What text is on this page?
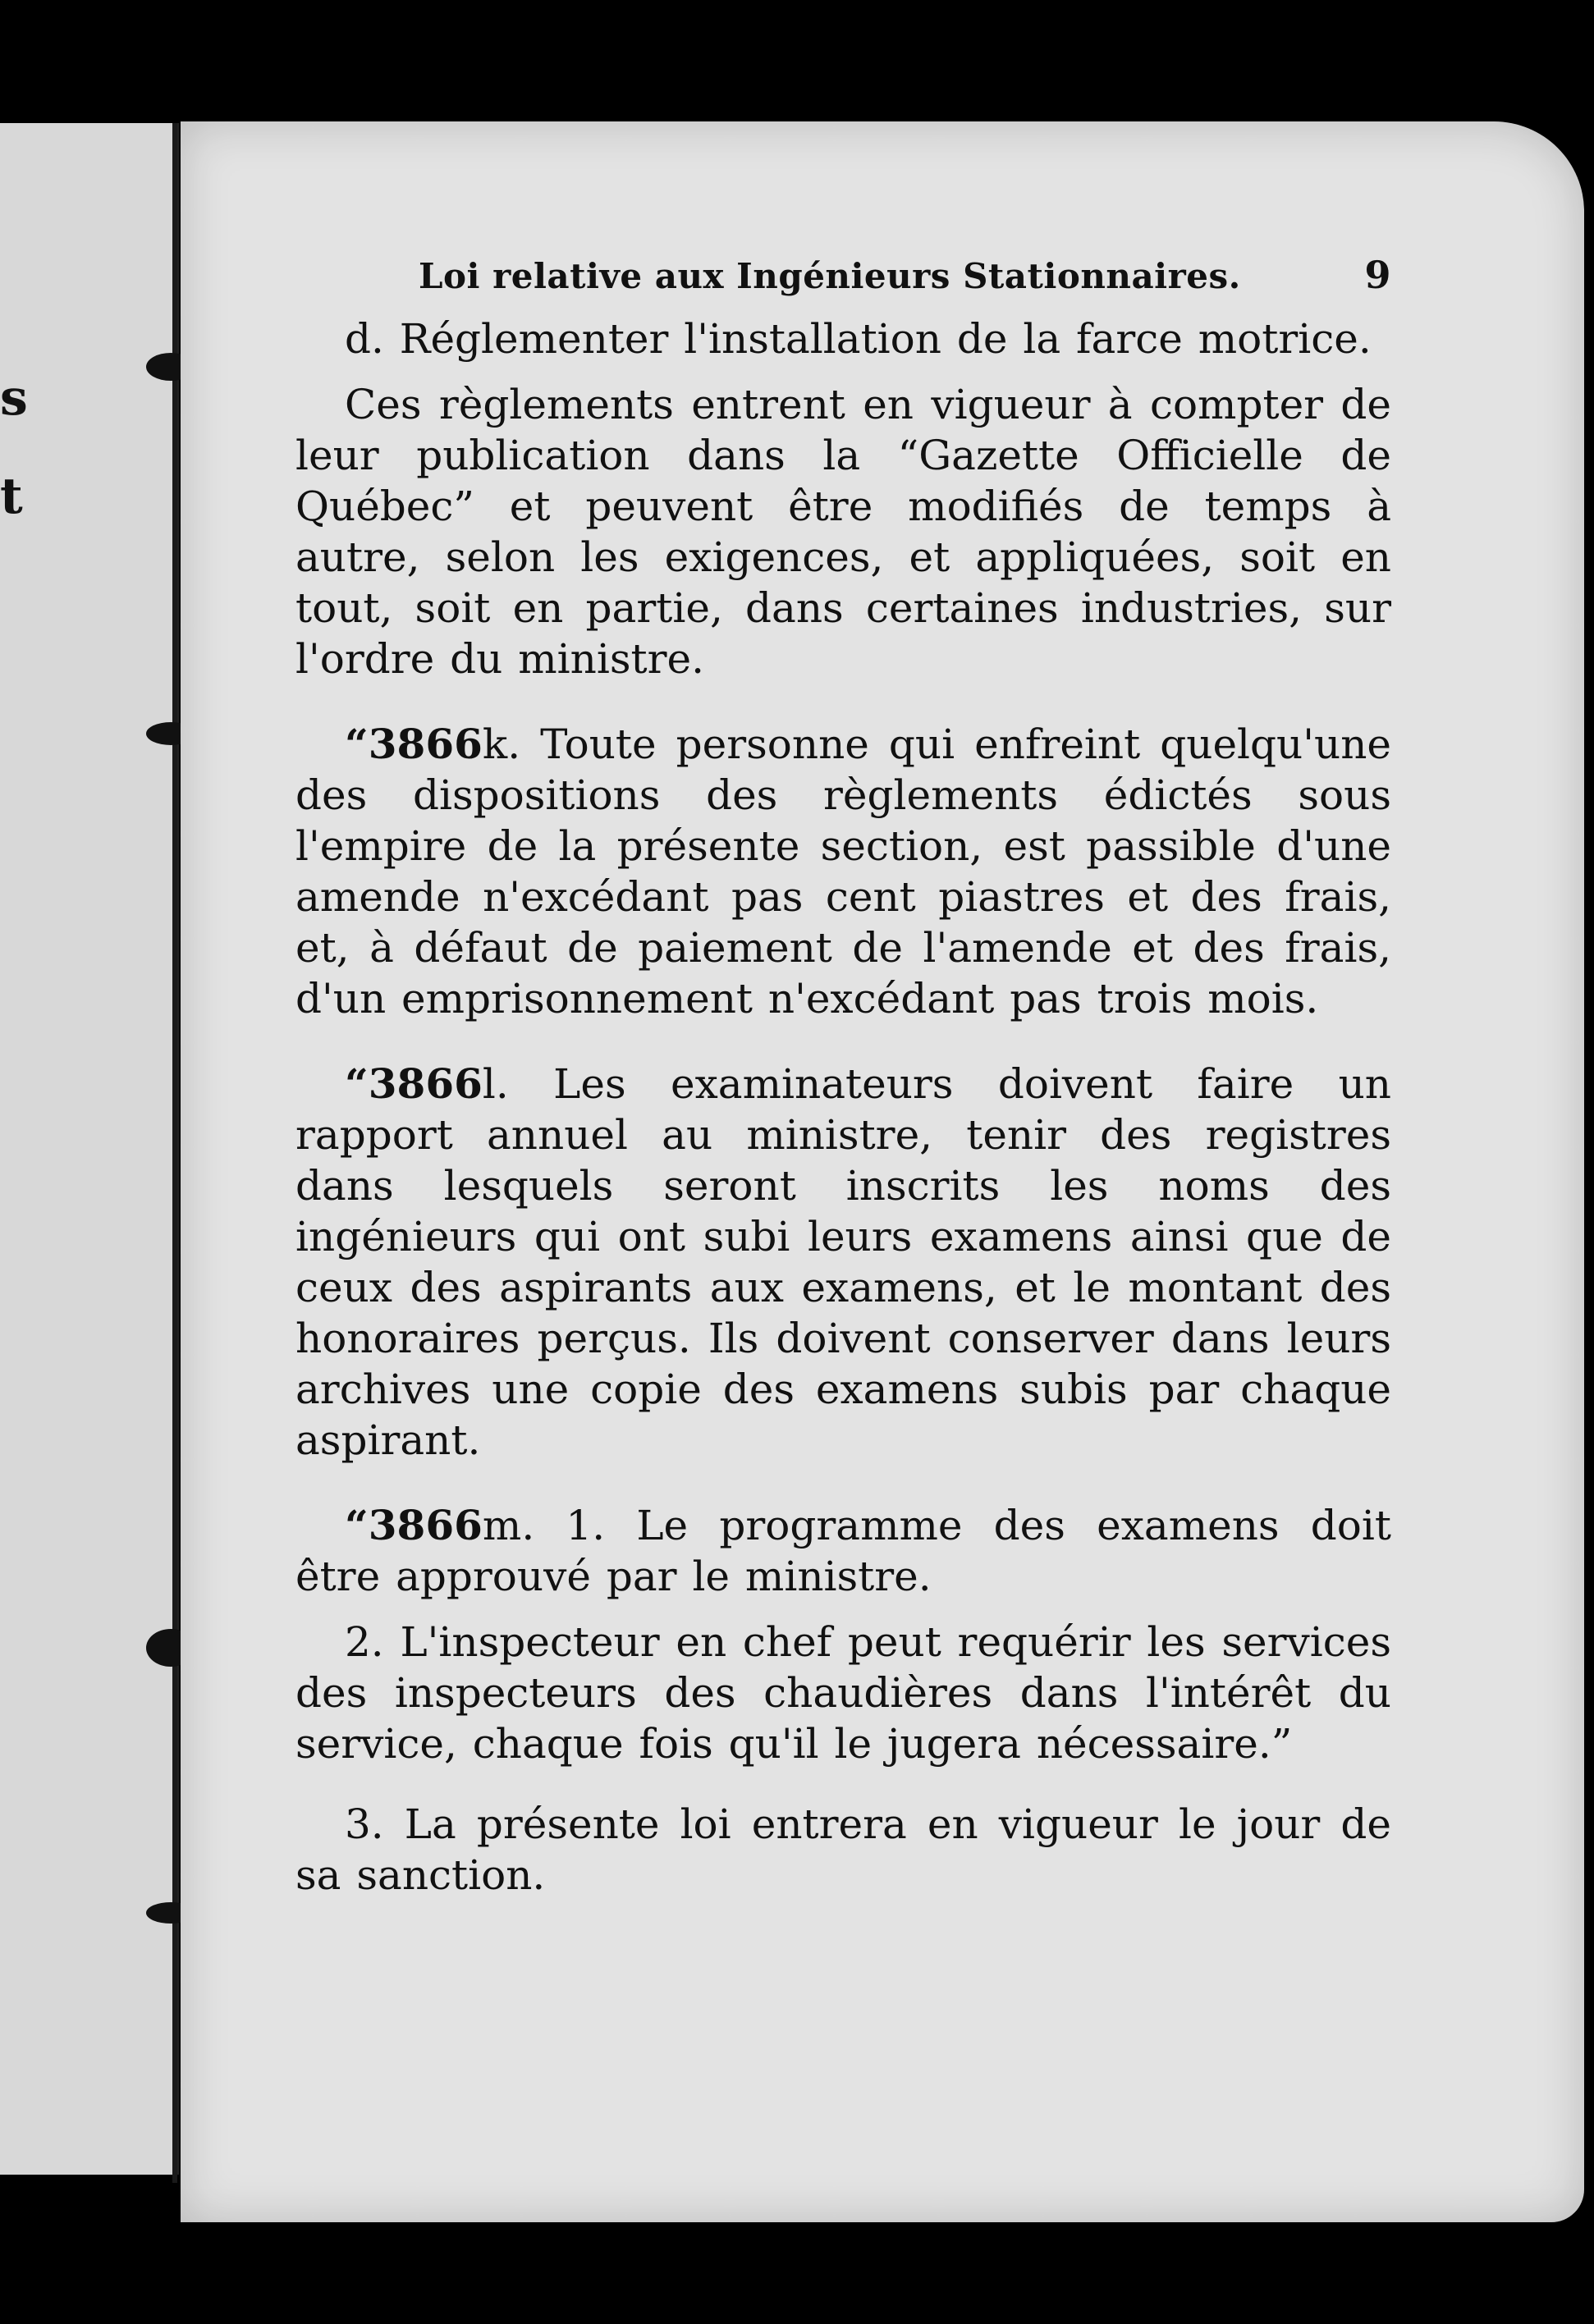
s
t
Loi relative aux Ingénieurs Stationnaires.	9

d. Réglementer l'installation de la farce motrice.

Ces règlements entrent en vigueur à compter de leur publication dans la “Gazette Officielle de Québec” et peuvent être modifiés de temps à autre, selon les exigences, et appliquées, soit en tout, soit en partie, dans certaines industries, sur l'ordre du ministre.

“3866k. Toute personne qui enfreint quelqu'une des dispositions des règlements édictés sous l'empire de la présente section, est passible d'une amende n'excédant pas cent piastres et des frais, et, à défaut de paiement de l'amende et des frais, d'un emprisonnement n'excédant pas trois mois.

“3866l. Les examinateurs doivent faire un rapport annuel au ministre, tenir des registres dans lesquels seront inscrits les noms des ingénieurs qui ont subi leurs examens ainsi que de ceux des aspirants aux examens, et le montant des honoraires perçus. Ils doivent conserver dans leurs archives une copie des examens subis par chaque aspirant.

“3866m. 1. Le programme des examens doit être approuvé par le ministre.

2. L'inspecteur en chef peut requérir les services des inspecteurs des chaudières dans l'intérêt du service, chaque fois qu'il le jugera nécessaire.”

3. La présente loi entrera en vigueur le jour de sa sanction.
